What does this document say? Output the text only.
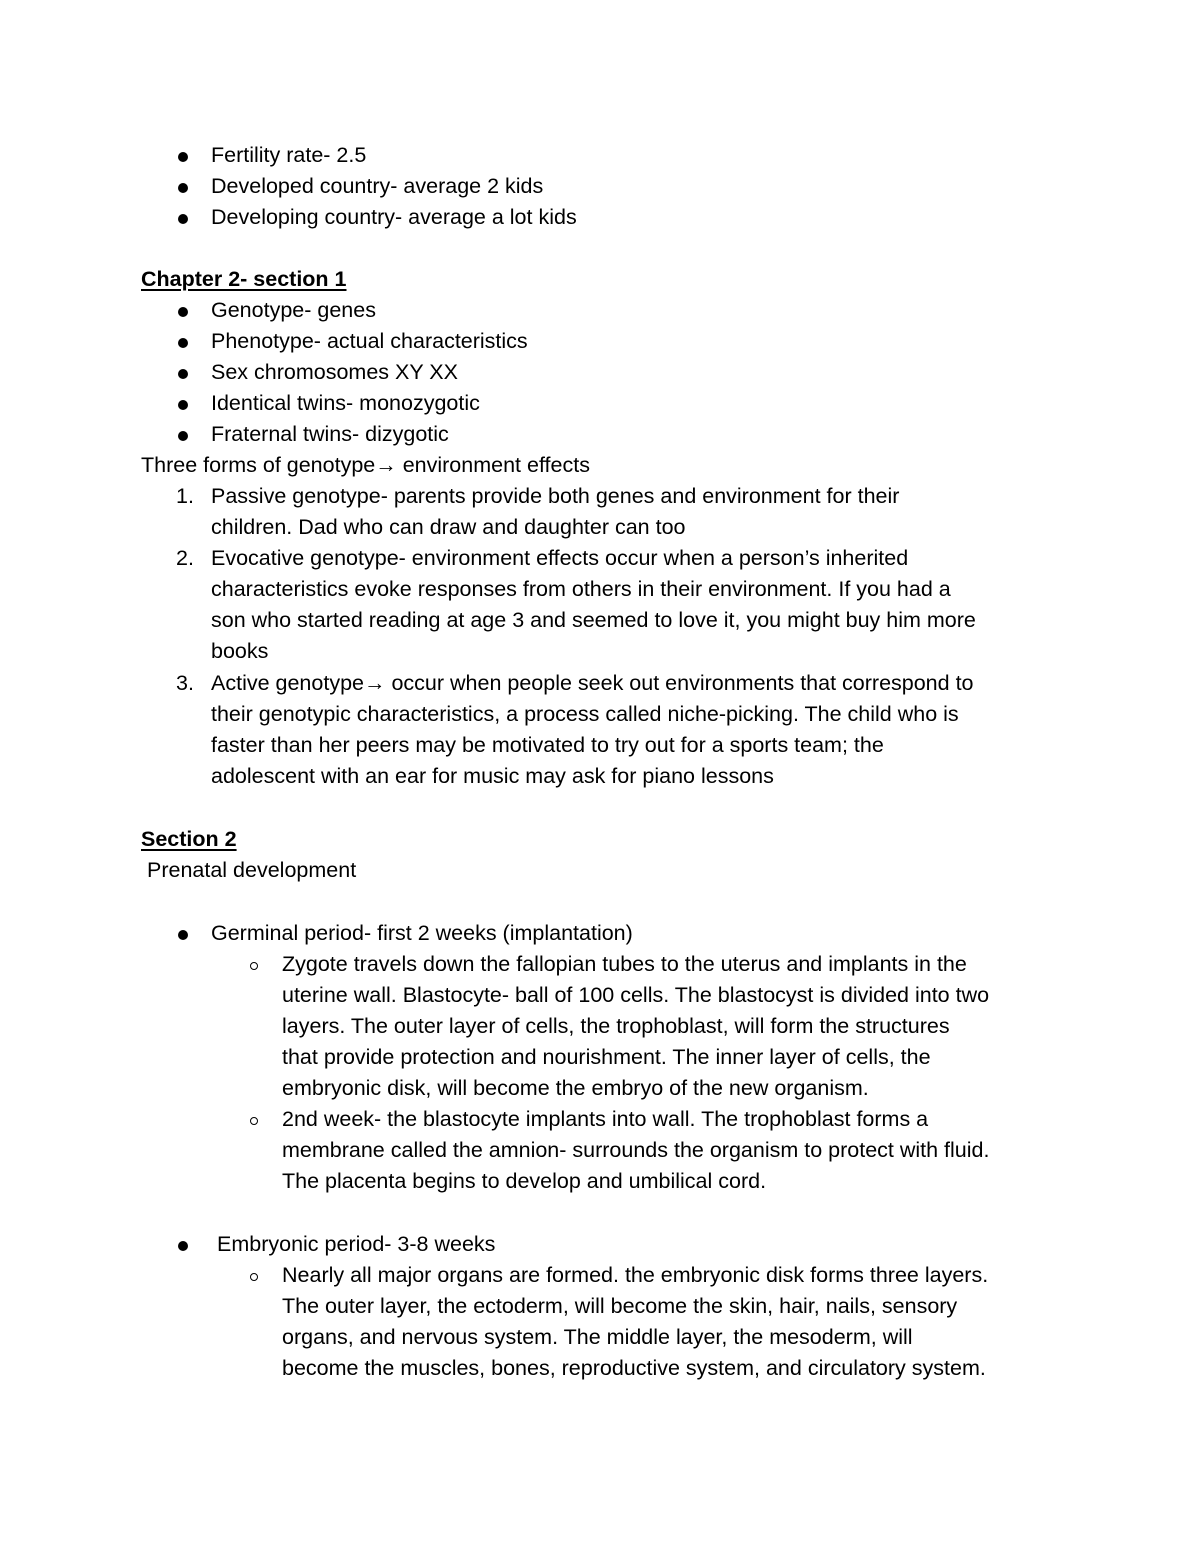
Fertility rate- 2.5
Developed country- average 2 kids
Developing country- average a lot kids
Chapter 2- section 1
Genotype- genes
Phenotype- actual characteristics
Sex chromosomes XY XX
Identical twins- monozygotic
Fraternal twins- dizygotic
Three forms of genotype→ environment effects
1. Passive genotype- parents provide both genes and environment for their
children. Dad who can draw and daughter can too
2. Evocative genotype- environment effects occur when a person’s inherited
characteristics evoke responses from others in their environment. If you had a
son who started reading at age 3 and seemed to love it, you might buy him more
books
3. Active genotype→ occur when people seek out environments that correspond to
their genotypic characteristics, a process called niche-picking. The child who is
faster than her peers may be motivated to try out for a sports team; the
adolescent with an ear for music may ask for piano lessons
Section 2
Prenatal development
Germinal period- first 2 weeks (implantation)
Zygote travels down the fallopian tubes to the uterus and implants in the
uterine wall. Blastocyte- ball of 100 cells. The blastocyst is divided into two
layers. The outer layer of cells, the trophoblast, will form the structures
that provide protection and nourishment. The inner layer of cells, the
embryonic disk, will become the embryo of the new organism.
2nd week- the blastocyte implants into wall. The trophoblast forms a
membrane called the amnion- surrounds the organism to protect with fluid.
The placenta begins to develop and umbilical cord.
Embryonic period- 3-8 weeks
Nearly all major organs are formed. the embryonic disk forms three layers.
The outer layer, the ectoderm, will become the skin, hair, nails, sensory
organs, and nervous system. The middle layer, the mesoderm, will
become the muscles, bones, reproductive system, and circulatory system.
